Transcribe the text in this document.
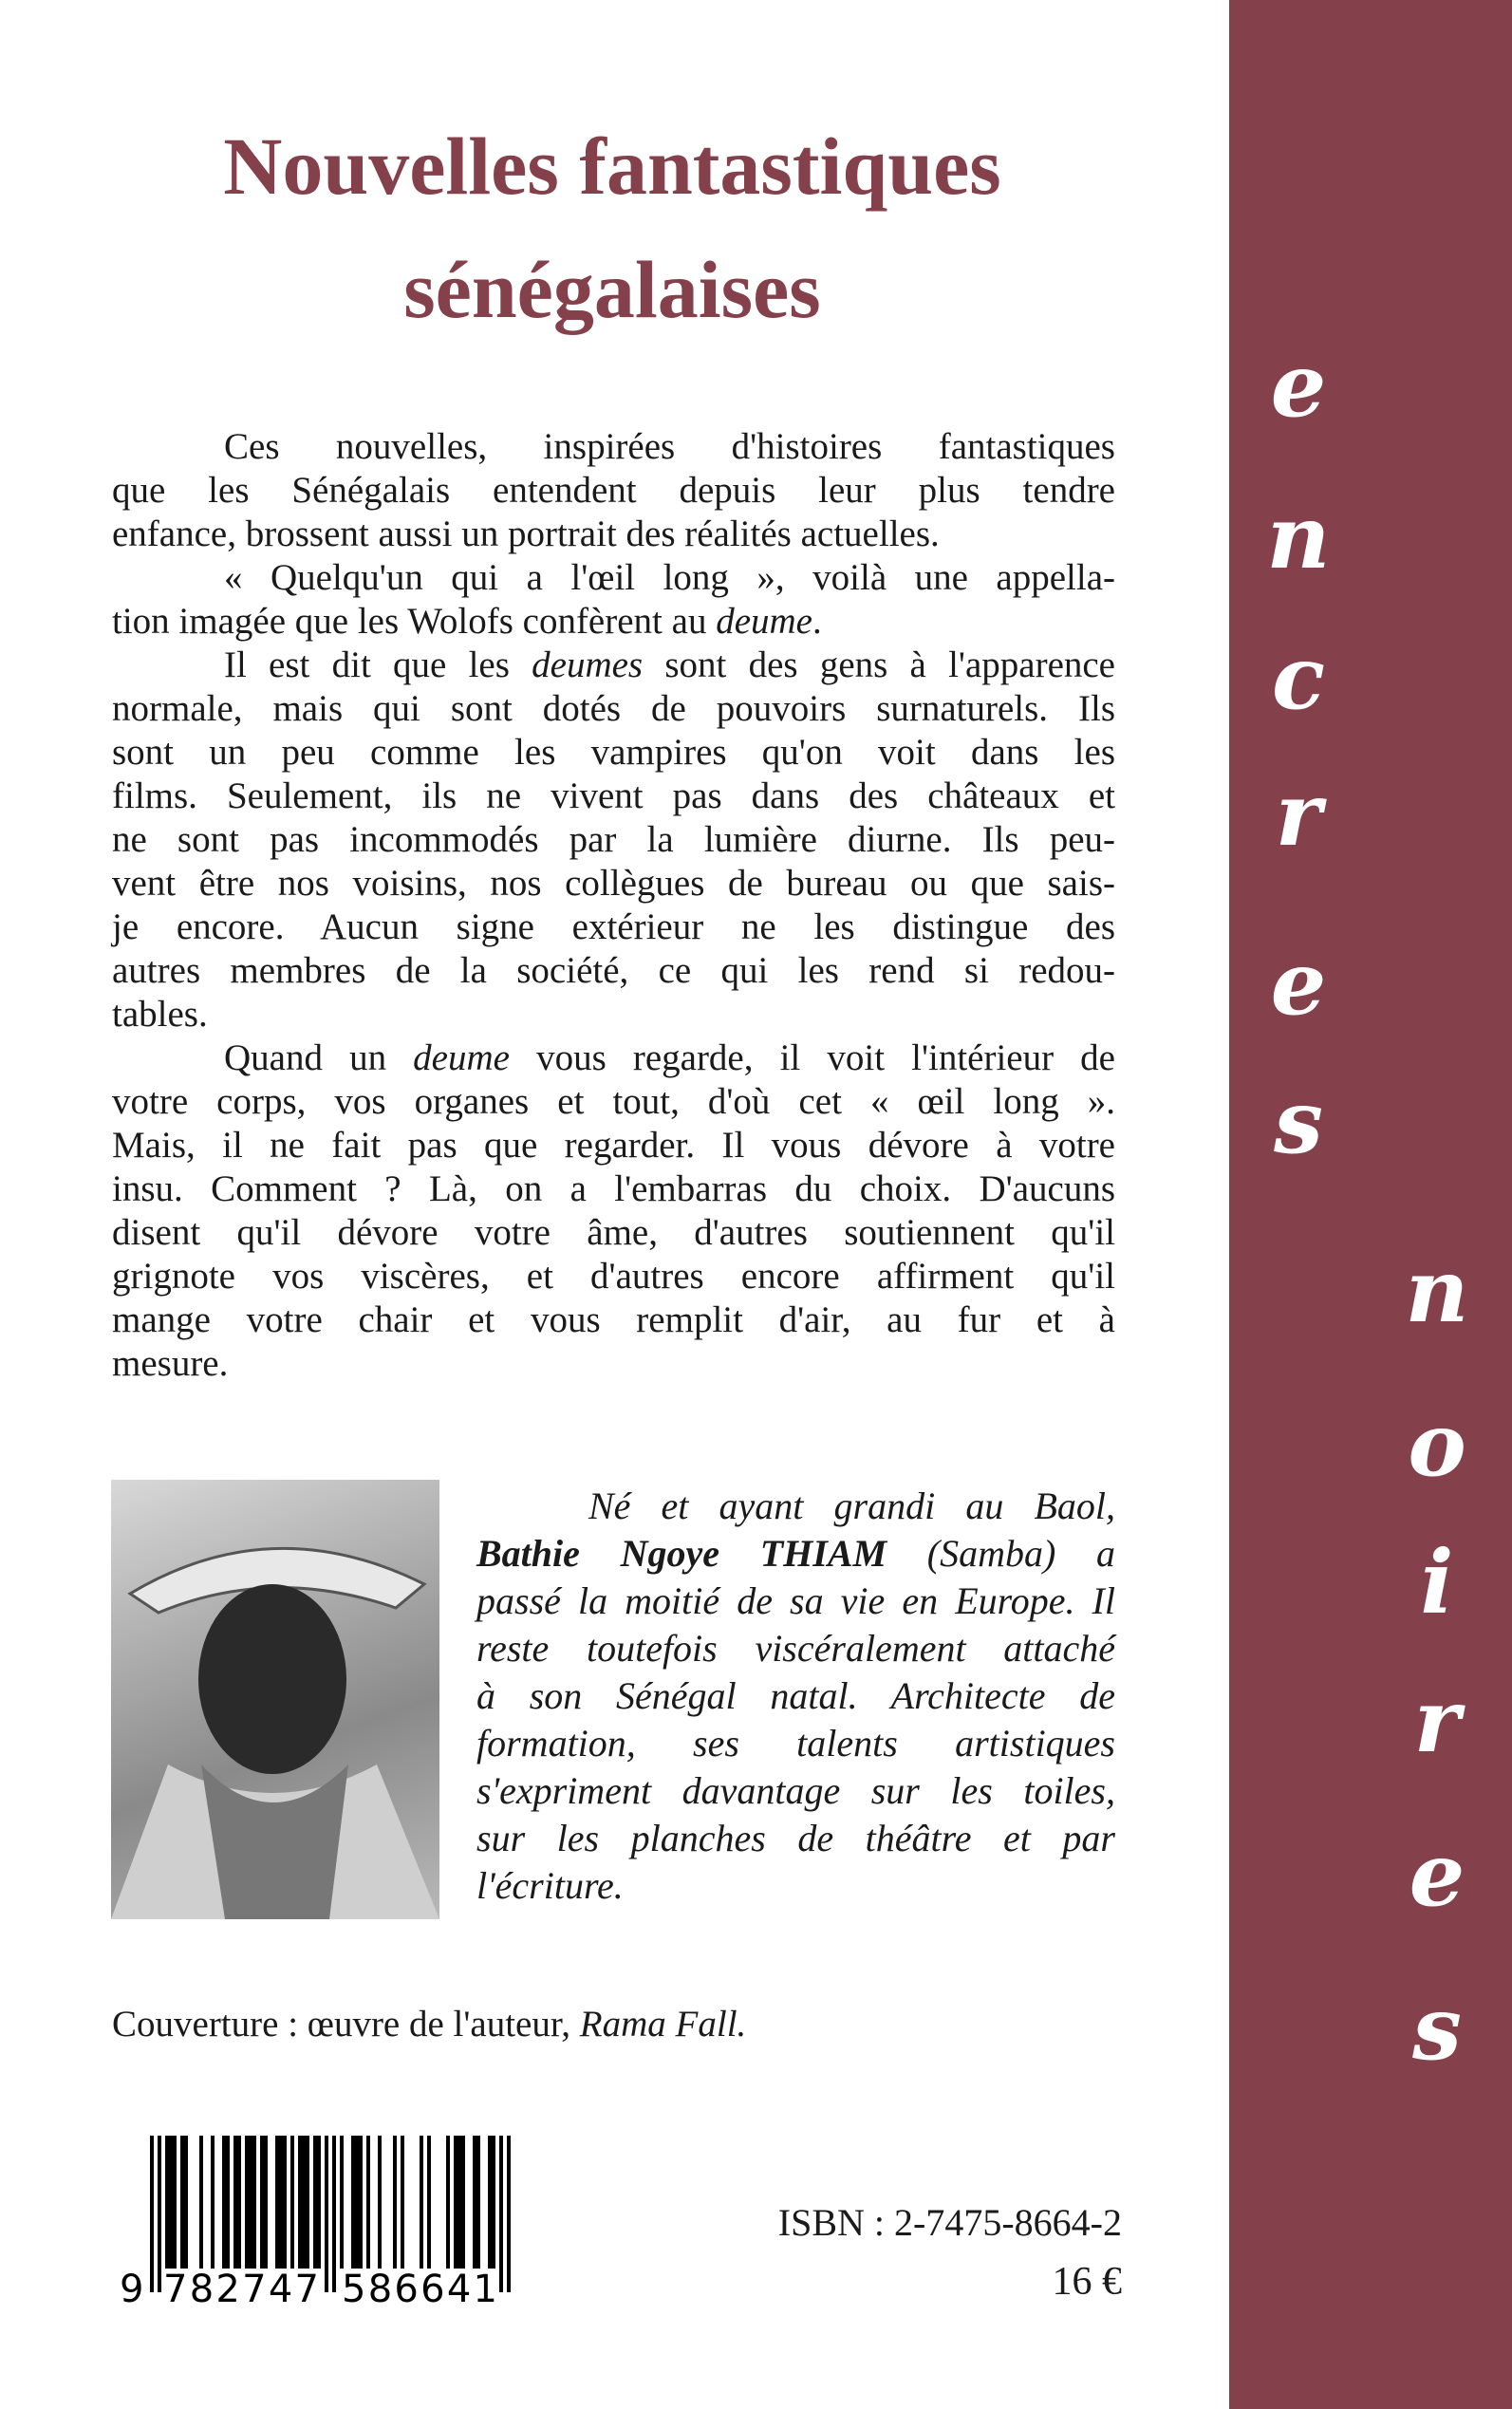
Nouvelles fantastiques
sénégalaises
Ces nouvelles, inspirées d'histoires fantastiques
que les Sénégalais entendent depuis leur plus tendre
enfance, brossent aussi un portrait des réalités actuelles.
« Quelqu'un qui a l'œil long », voilà une appella-
tion imagée que les Wolofs confèrent au deume.
Il est dit que les deumes sont des gens à l'apparence
normale, mais qui sont dotés de pouvoirs surnaturels. Ils
sont un peu comme les vampires qu'on voit dans les
films. Seulement, ils ne vivent pas dans des châteaux et
ne sont pas incommodés par la lumière diurne. Ils peu-
vent être nos voisins, nos collègues de bureau ou que sais-
je encore. Aucun signe extérieur ne les distingue des
autres membres de la société, ce qui les rend si redou-
tables.
Quand un deume vous regarde, il voit l'intérieur de
votre corps, vos organes et tout, d'où cet « œil long ».
Mais, il ne fait pas que regarder. Il vous dévore à votre
insu. Comment ? Là, on a l'embarras du choix. D'aucuns
disent qu'il dévore votre âme, d'autres soutiennent qu'il
grignote vos viscères, et d'autres encore affirment qu'il
mange votre chair et vous remplit d'air, au fur et à
mesure.
Né et ayant grandi au Baol,
Bathie Ngoye THIAM (Samba) a
passé la moitié de sa vie en Europe. Il
reste toutefois viscéralement attaché
à son Sénégal natal. Architecte de
formation, ses talents artistiques
s'expriment davantage sur les toiles,
sur les planches de théâtre et par
l'écriture.
Couverture : œuvre de l'auteur, Rama Fall.
9 782747 586641
ISBN : 2-7475-8664-2
16 €
e
n
c
r
e
s
n
o
i
r
e
s
